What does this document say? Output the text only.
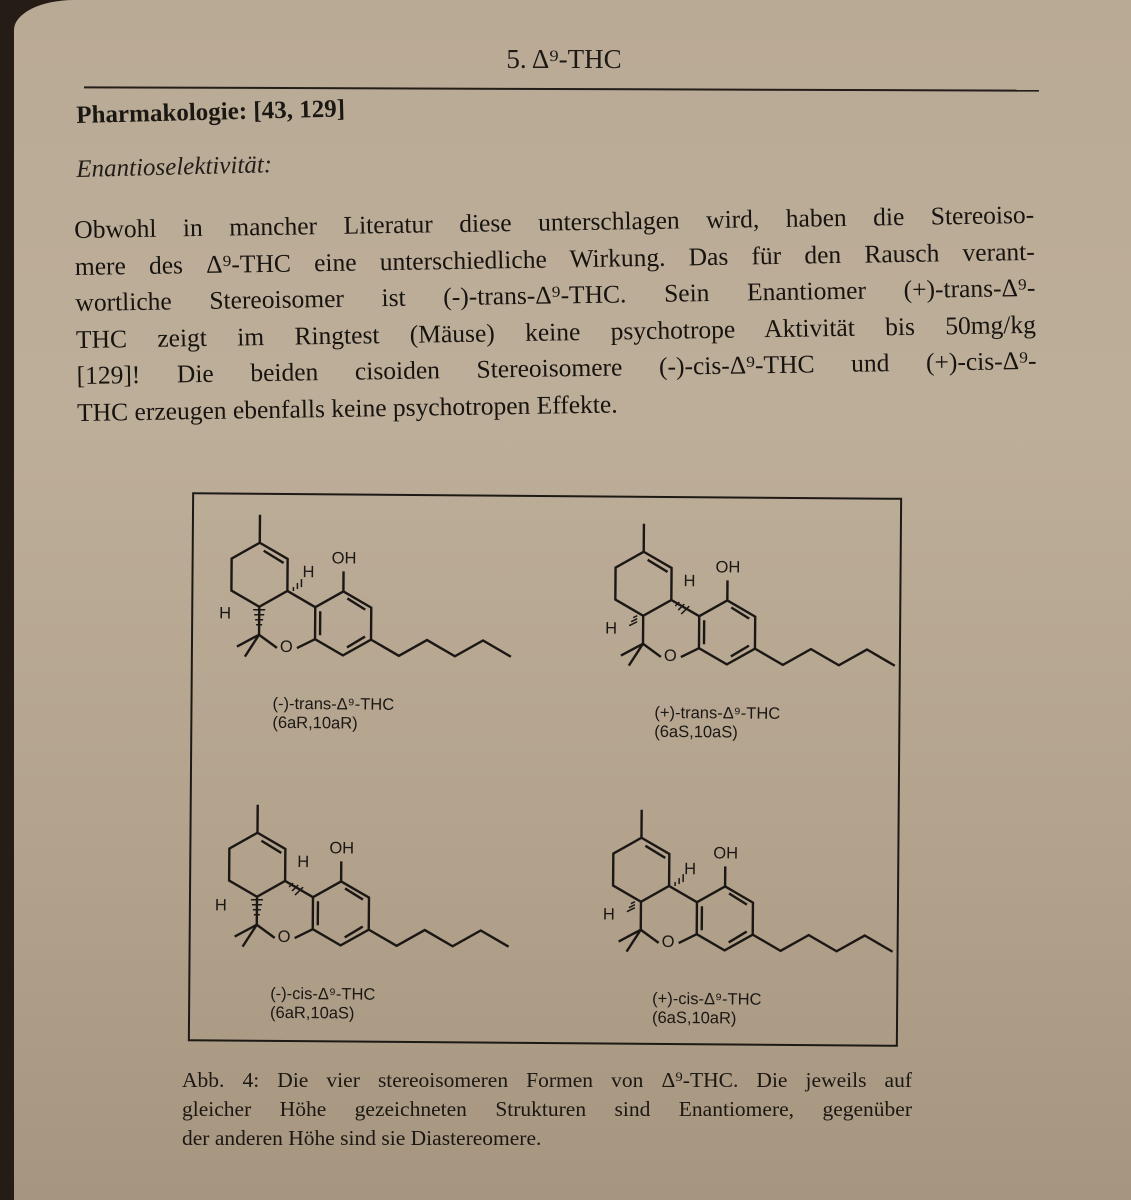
5. Δ⁹-THC
Pharmakologie: [43, 129]
Enantioselektivität:
Obwohl in mancher Literatur diese unterschlagen wird, haben die Stereoiso-
mere des Δ⁹-THC eine unterschiedliche Wirkung. Das für den Rausch verant-
wortliche Stereoisomer ist (-)-trans-Δ⁹-THC. Sein Enantiomer (+)-trans-Δ⁹-
THC zeigt im Ringtest (Mäuse) keine psychotrope Aktivität bis 50mg/kg
[129]! Die beiden cisoiden Stereoisomere (-)-cis-Δ⁹-THC und (+)-cis-Δ⁹-
THC erzeugen ebenfalls keine psychotropen Effekte.
OH
H
H
O
(-)-trans-Δ⁹-THC
(6aR,10aR)
OH
H
H
O
(+)-trans-Δ⁹-THC
(6aS,10aS)
OH
H
H
O
(-)-cis-Δ⁹-THC
(6aR,10aS)
OH
H
H
O
(+)-cis-Δ⁹-THC
(6aS,10aR)
Abb. 4: Die vier stereoisomeren Formen von Δ⁹-THC. Die jeweils auf
gleicher Höhe gezeichneten Strukturen sind Enantiomere, gegenüber
der anderen Höhe sind sie Diastereomere.
